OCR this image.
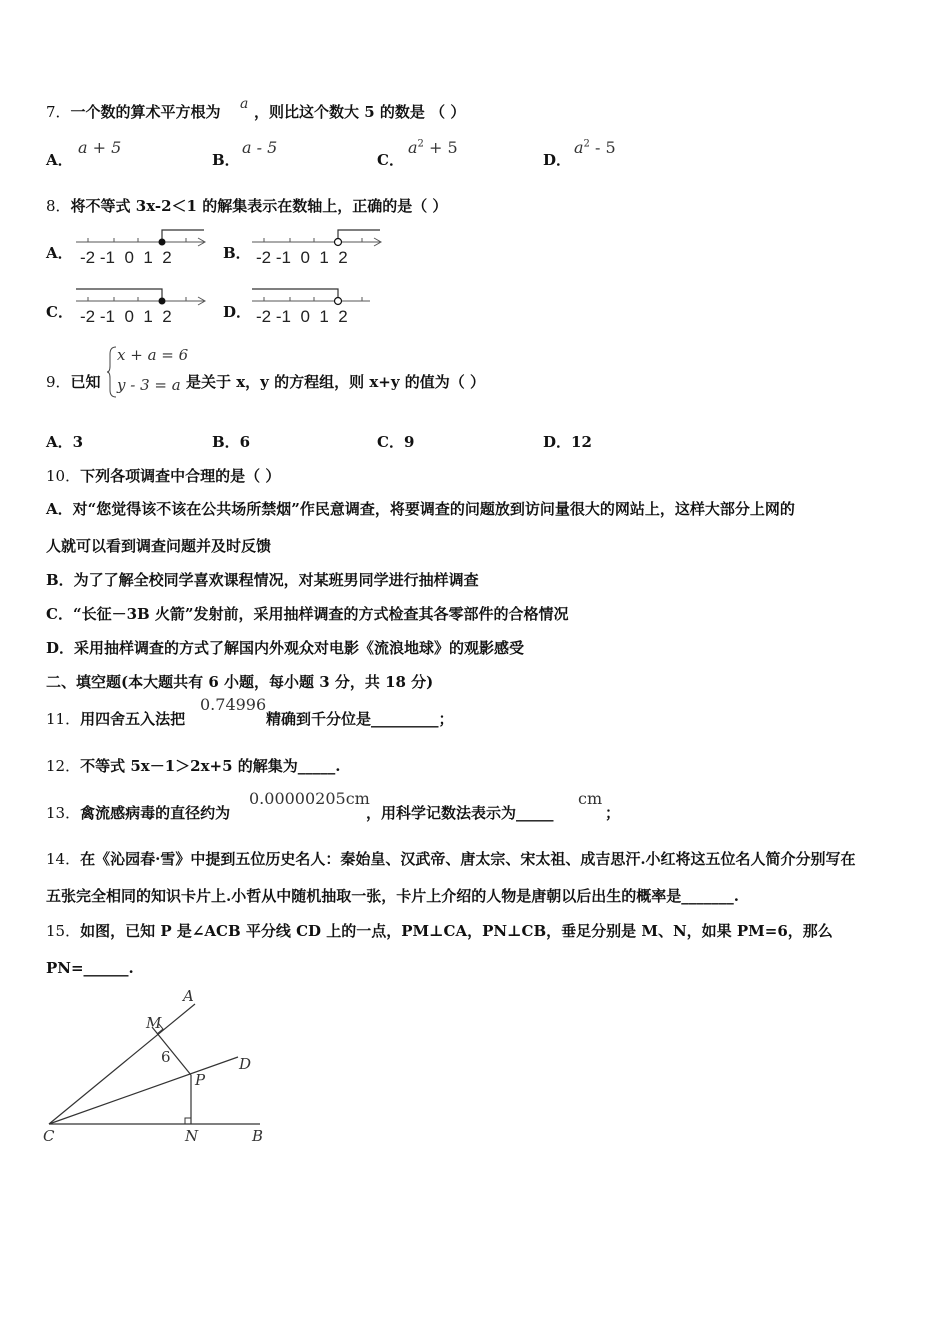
7．一个数的算术平方根为 a ，则比这个数大 5 的数是 （ ）
A．
a + 5
B．
a - 5
C．
$a^2 + 5$
D．
$a^2 - 5$
8．将不等式 3x-2＜1 的解集表示在数轴上，正确的是（ ）
A．	B．
C．	D．
-2 -1 0 1 2	-2 -1 0 1 2
-2 -1 0 1 2	-2 -1 0 1 2
9．已知
x + a = 6
y - 3 = a 是关于 x，y 的方程组，则 x+y 的值为（ ）
A．3	B．6	C．9	D．12
10．下列各项调查中合理的是（ ）
A．对“您觉得该不该在公共场所禁烟”作民意调查，将要调查的问题放到访问量很大的网站上，这样大部分上网的
人就可以看到调查问题并及时反馈
B．为了了解全校同学喜欢课程情况，对某班男同学进行抽样调查
C．“长征－3B 火箭”发射前，采用抽样调查的方式检查其各零部件的合格情况
D．采用抽样调查的方式了解国内外观众对电影《流浪地球》的观影感受
二、填空题(本大题共有 6 小题，每小题 3 分，共 18 分)
11．用四舍五入法把
0.74996
精确到千分位是_________；
12．不等式 5x－1＞2x+5 的解集为_____.
13．禽流感病毒的直径约为
0.00000205cm
，用科学记数法表示为_____
cm
；
14．在《沁园春·雪》中提到五位历史名人：秦始皇、汉武帝、唐太宗、宋太祖、成吉思汗.小红将这五位名人简介分别写在
五张完全相同的知识卡片上.小哲从中随机抽取一张，卡片上介绍的人物是唐朝以后出生的概率是_______.
15．如图，已知 P 是∠ACB 平分线 CD 上的一点，PM⊥CA，PN⊥CB，垂足分别是 M、N，如果 PM=6，那么
PN=______.
A
M
6	D
P
C	N	B
